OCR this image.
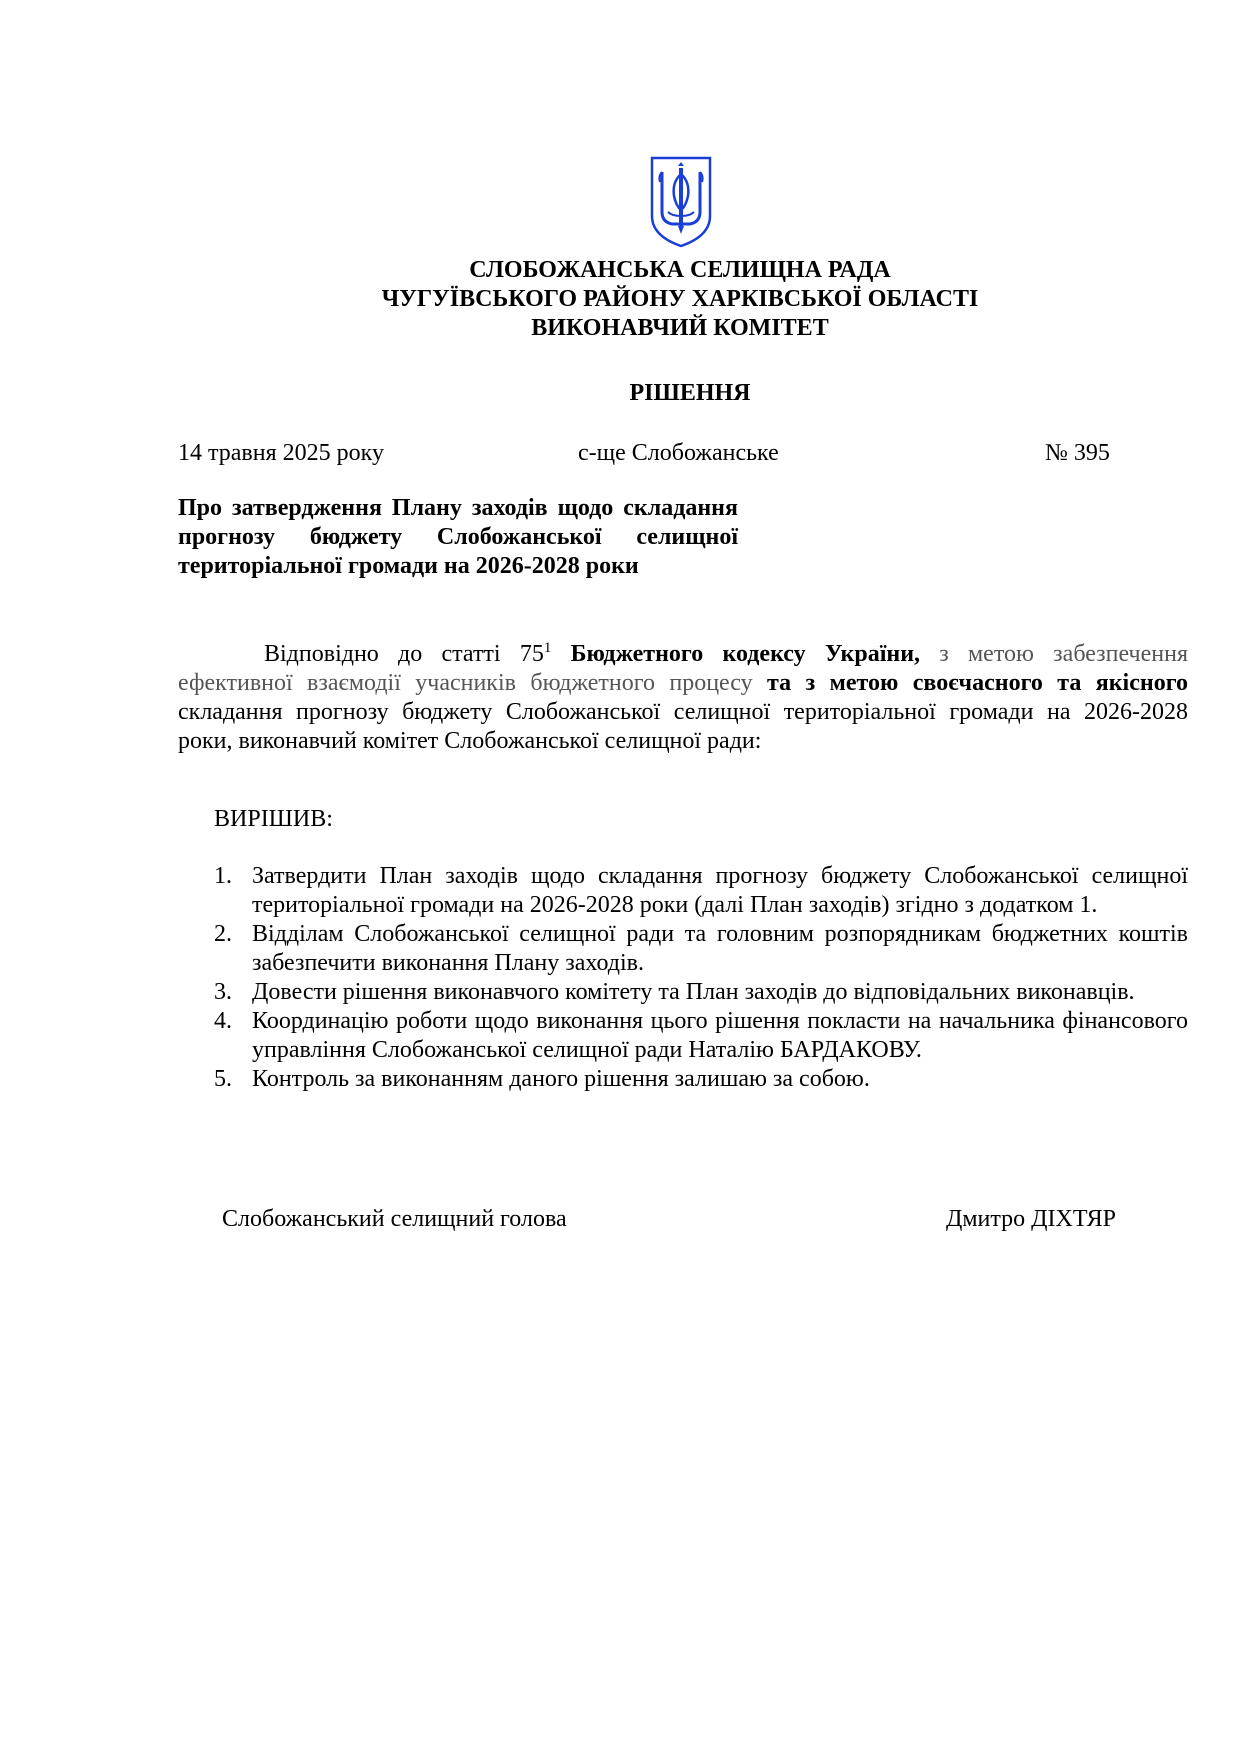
СЛОБОЖАНСЬКА СЕЛИЩНА РАДА
ЧУГУЇВСЬКОГО РАЙОНУ ХАРКІВСЬКОЇ ОБЛАСТІ
ВИКОНАВЧИЙ КОМІТЕТ
РІШЕННЯ
14 травня 2025 року	с-ще Слобожанське	№ 395
Про затвердження Плану заходів щодо складання прогнозу бюджету Слобожанської селищної територіальної громади на 2026-2028 роки
Відповідно до статті $75^1$ Бюджетного кодексу України, з метою забезпечення ефективної взаємодії учасників бюджетного процесу та з метою своєчасного та якісного складання прогнозу бюджету Слобожанської селищної територіальної громади на 2026-2028 роки, виконавчий комітет Слобожанської селищної ради:
ВИРІШИВ:
1. Затвердити План заходів щодо складання прогнозу бюджету Слобожанської селищної територіальної громади на 2026-2028 роки (далі План заходів) згідно з додатком 1.
2. Відділам Слобожанської селищної ради та головним розпорядникам бюджетних коштів забезпечити виконання Плану заходів.
3. Довести рішення виконавчого комітету та План заходів до відповідальних виконавців.
4. Координацію роботи щодо виконання цього рішення покласти на начальника фінансового управління Слобожанської селищної ради Наталію БАРДАКОВУ.
5. Контроль за виконанням даного рішення залишаю за собою.
Слобожанський селищний голова	Дмитро ДІХТЯР
